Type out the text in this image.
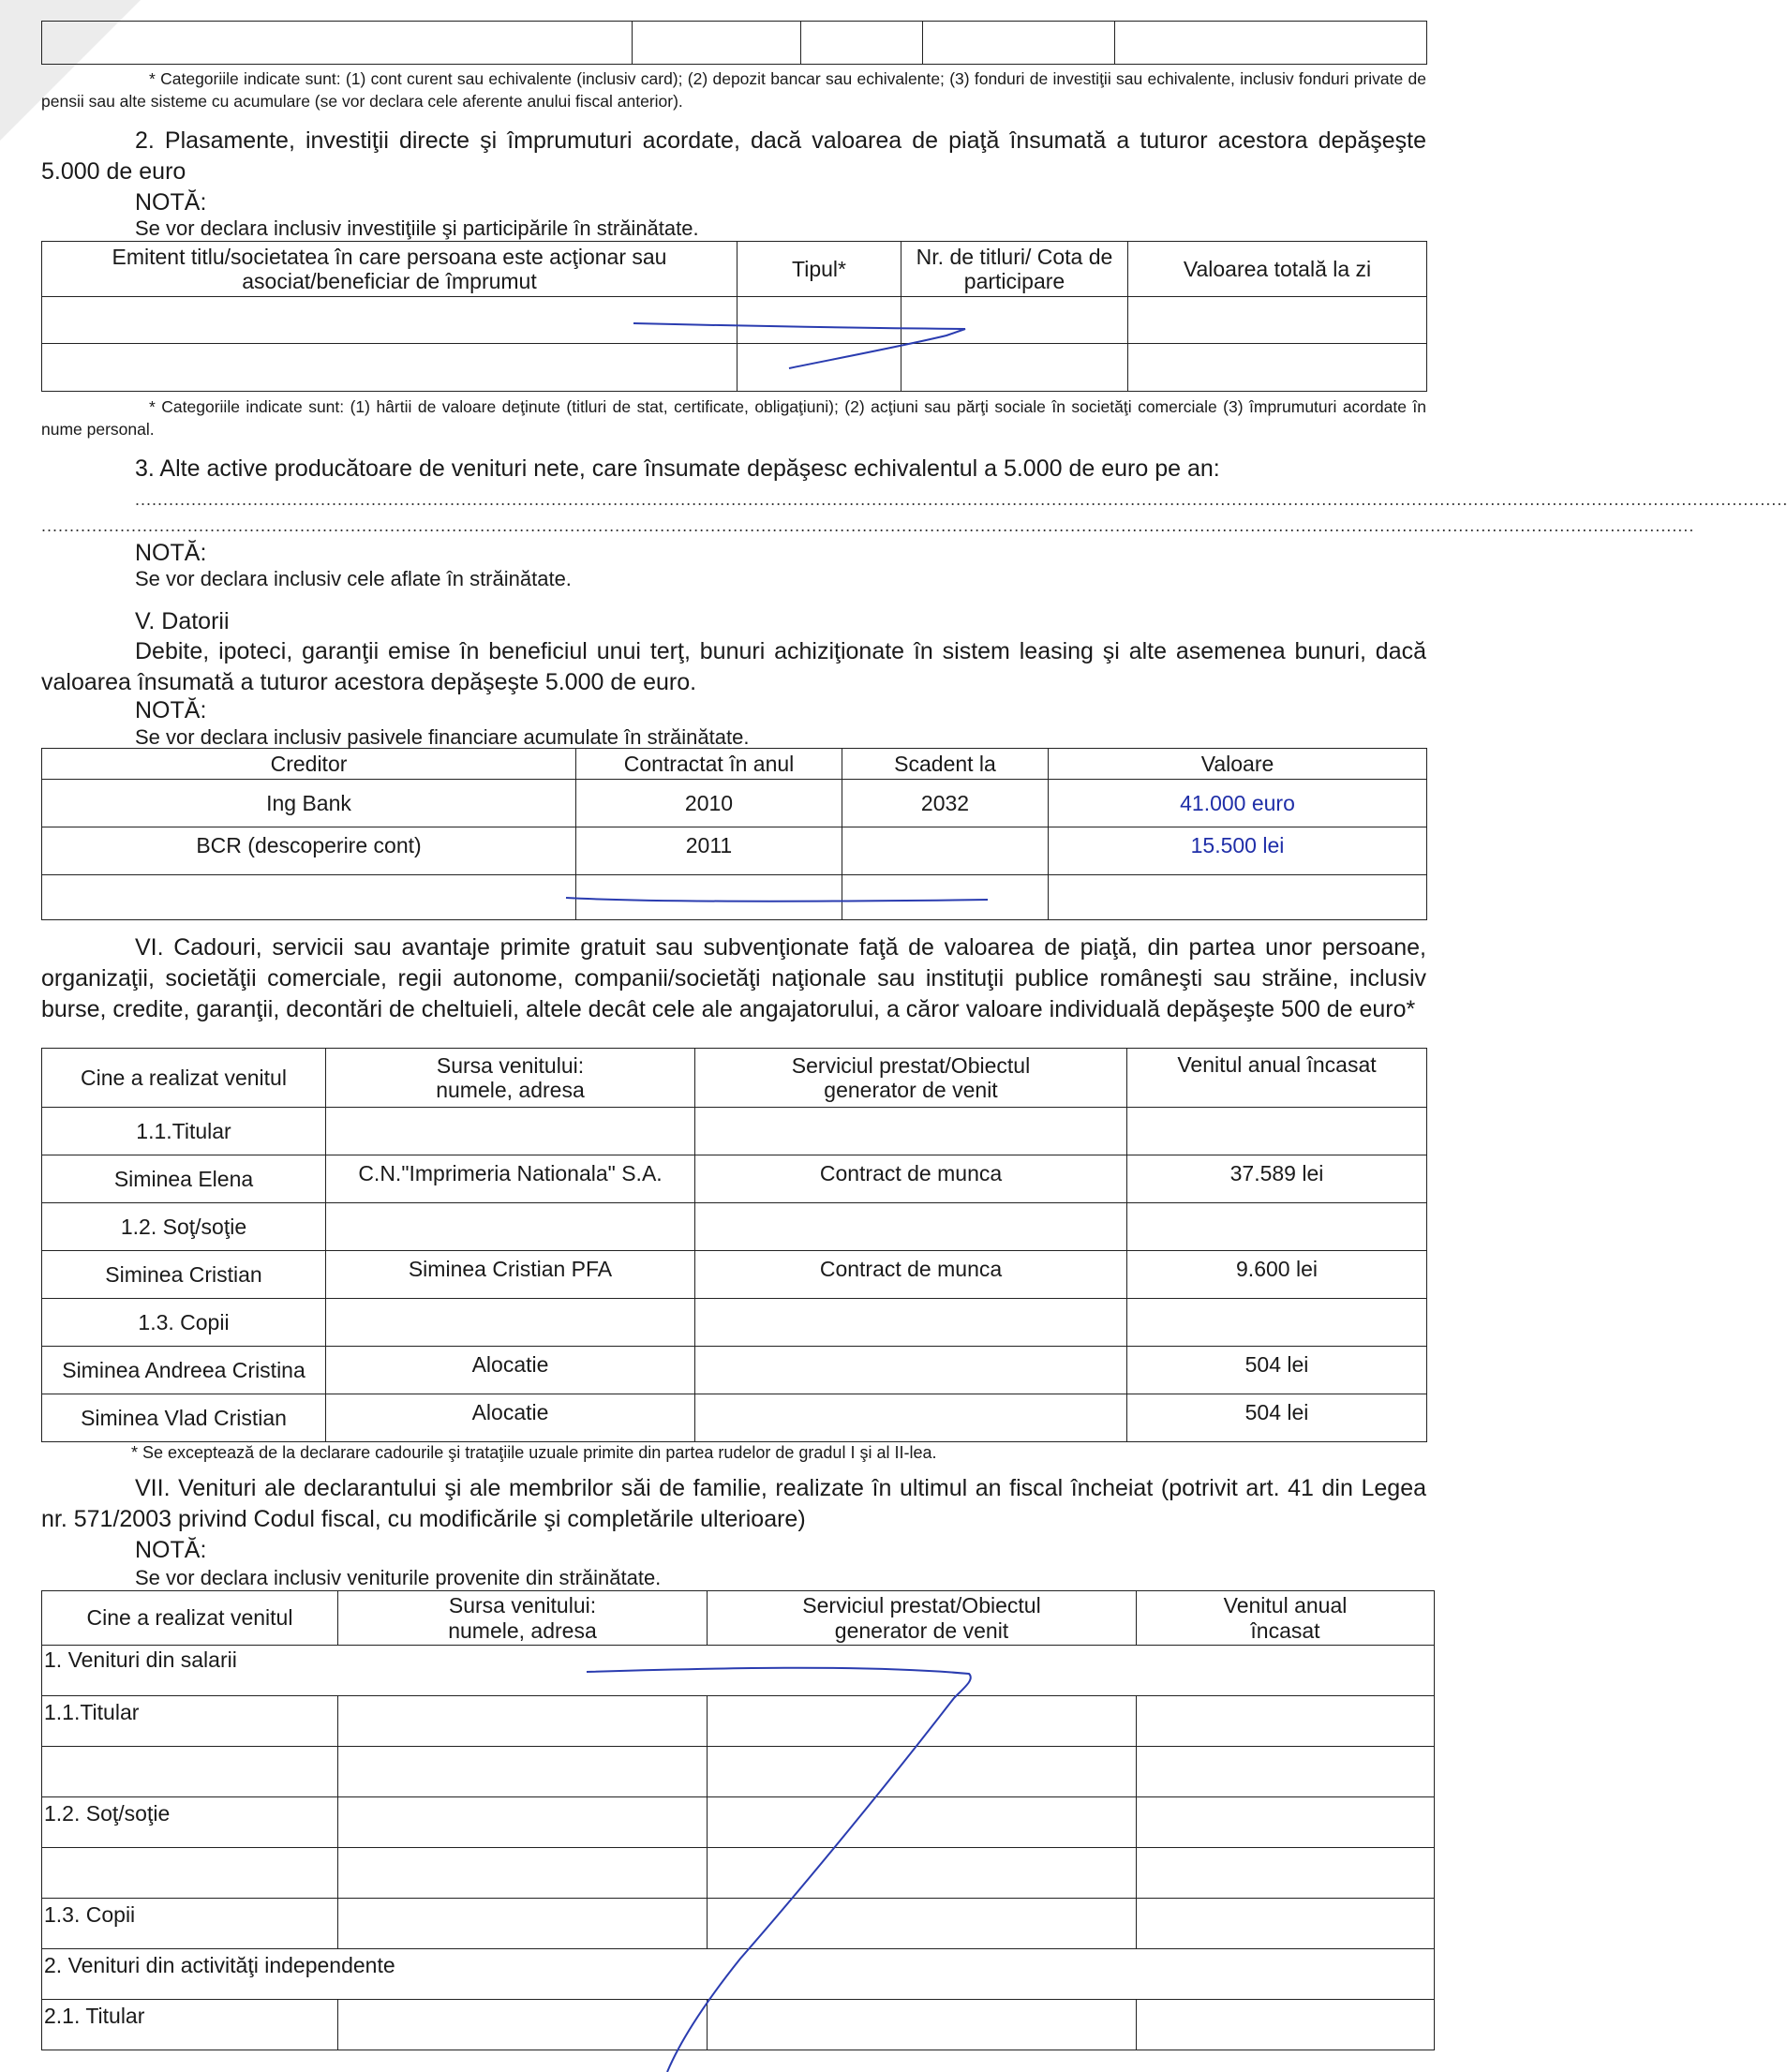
* Categoriile indicate sunt: (1) cont curent sau echivalente (inclusiv card); (2) depozit bancar sau echivalente; (3) fonduri de investiţii sau echivalente, inclusiv fonduri private de pensii sau alte sisteme cu acumulare (se vor declara cele aferente anului fiscal anterior).
2. Plasamente, investiţii directe şi împrumuturi acordate, dacă valoarea de piaţă însumată a tuturor acestora depăşeşte 5.000 de euro
NOTĂ:
Se vor declara inclusiv investiţiile şi participările în străinătate.
Emitent titlu/societatea în care persoana este acţionar sau asociat/beneficiar de împrumut	Tipul*	Nr. de titluri/ Cota de participare	Valoarea totală la zi

* Categoriile indicate sunt: (1) hârtii de valoare deţinute (titluri de stat, certificate, obligaţiuni); (2) acţiuni sau părţi sociale în societăţi comerciale (3) împrumuturi acordate în nume personal.
3. Alte active producătoare de venituri nete, care însumate depăşesc echivalentul a 5.000 de euro pe an:
......................................................................................................................................................................................................................................................................................................
......................................................................................................................................................................................................................................................................................................
NOTĂ:
Se vor declara inclusiv cele aflate în străinătate.
V. Datorii
Debite, ipoteci, garanţii emise în beneficiul unui terţ, bunuri achiziţionate în sistem leasing şi alte asemenea bunuri, dacă valoarea însumată a tuturor acestora depăşeşte 5.000 de euro.
NOTĂ:
Se vor declara inclusiv pasivele financiare acumulate în străinătate.
Creditor	Contractat în anul	Scadent la	Valoare
Ing Bank	2010	2032	41.000 euro
BCR (descoperire cont)	2011		15.500 lei

VI. Cadouri, servicii sau avantaje primite gratuit sau subvenţionate faţă de valoarea de piaţă, din partea unor persoane, organizaţii, societăţii comerciale, regii autonome, companii/societăţi naţionale sau instituţii publice româneşti sau străine, inclusiv burse, credite, garanţii, decontări de cheltuieli, altele decât cele ale angajatorului, a căror valoare individuală depăşeşte 500 de euro*
Cine a realizat venitul	Sursa venitului: numele, adresa	Serviciul prestat/Obiectul generator de venit	Venitul anual încasat
1.1.Titular			
Siminea Elena	C.N."Imprimeria Nationala" S.A.	Contract de munca	37.589 lei
1.2. Soţ/soţie			
Siminea Cristian	Siminea Cristian PFA	Contract de munca	9.600 lei
1.3. Copii			
Siminea Andreea Cristina	Alocatie		504 lei
Siminea Vlad Cristian	Alocatie		504 lei
* Se exceptează de la declarare cadourile şi trataţiile uzuale primite din partea rudelor de gradul I şi al II-lea.
VII. Venituri ale declarantului şi ale membrilor săi de familie, realizate în ultimul an fiscal încheiat (potrivit art. 41 din Legea nr. 571/2003 privind Codul fiscal, cu modificările şi completările ulterioare)
NOTĂ:
Se vor declara inclusiv veniturile provenite din străinătate.
Cine a realizat venitul	Sursa venitului: numele, adresa	Serviciul prestat/Obiectul generator de venit	Venitul anual încasat
1. Venituri din salarii			
1.1.Titular			

1.2. Soţ/soţie			

1.3. Copii			
2. Venituri din activităţi independente			
2.1. Titular			
